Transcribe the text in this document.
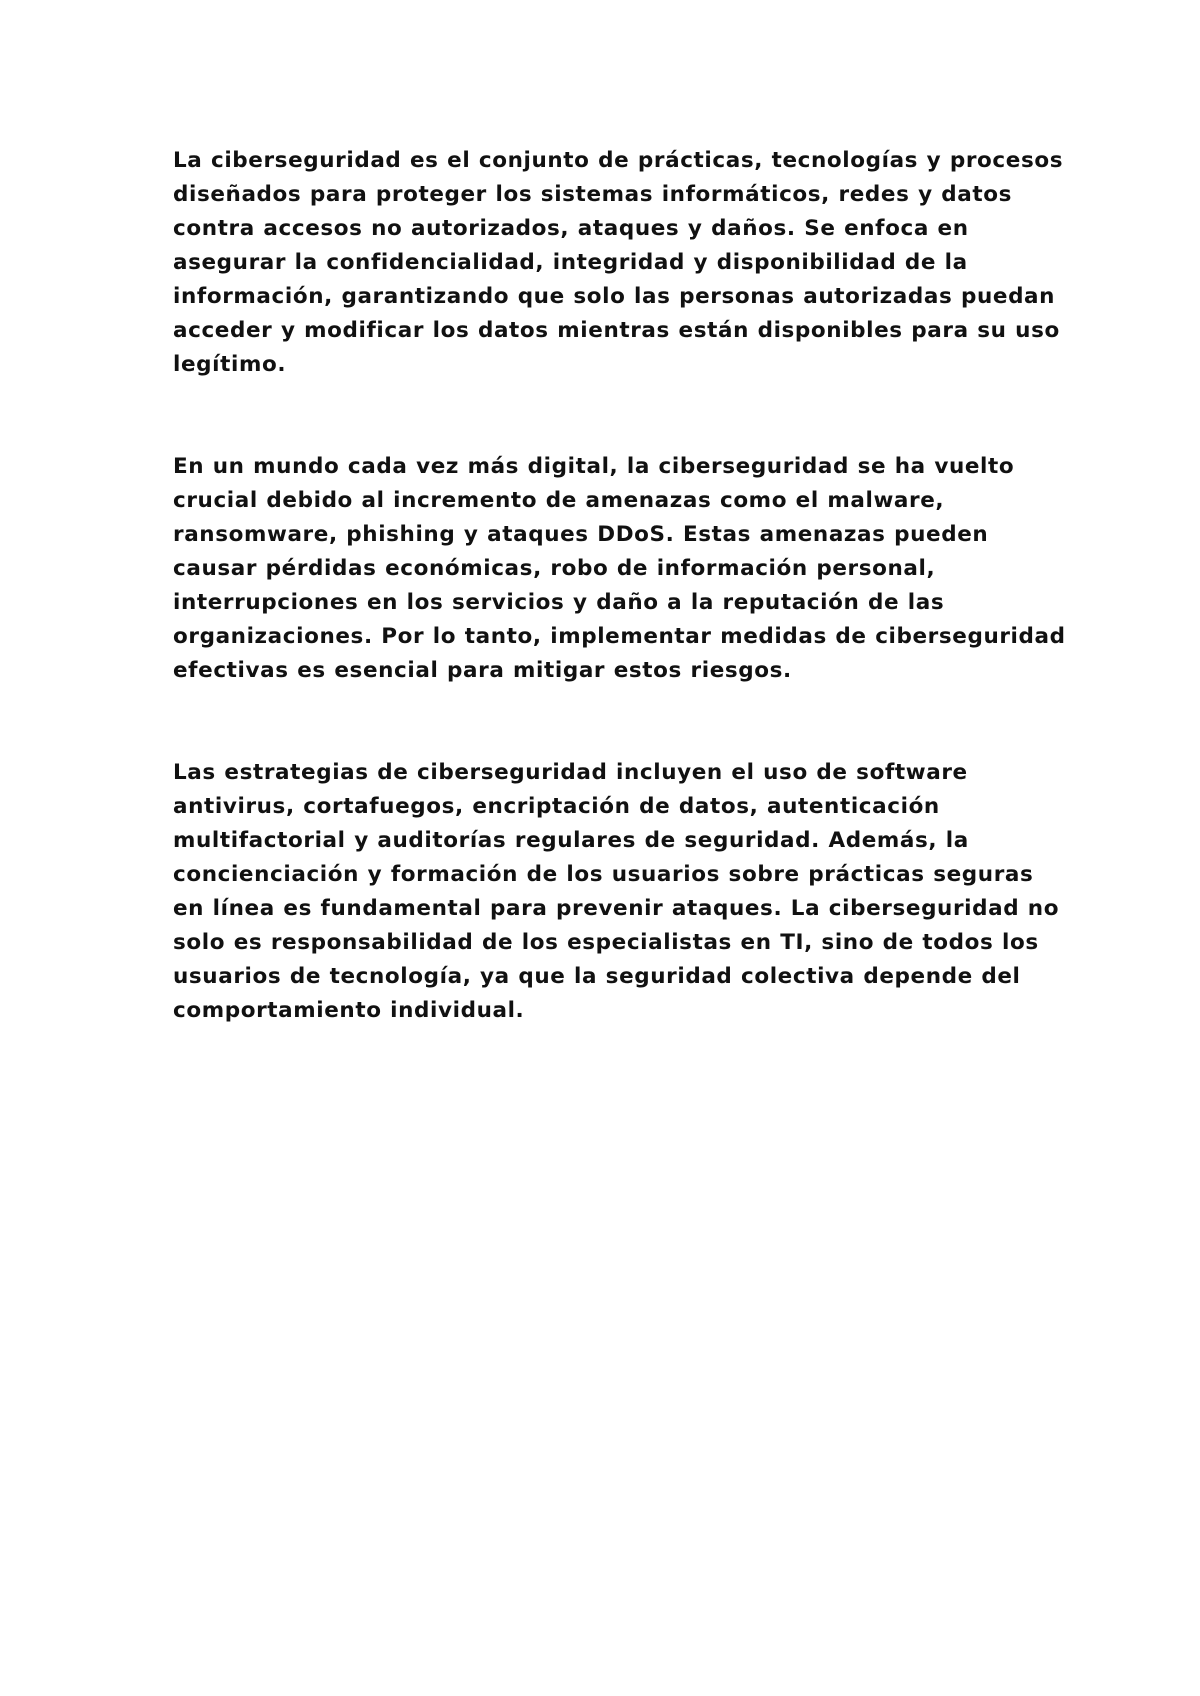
La ciberseguridad es el conjunto de prácticas, tecnologías y procesos
diseñados para proteger los sistemas informáticos, redes y datos
contra accesos no autorizados, ataques y daños. Se enfoca en
asegurar la confidencialidad, integridad y disponibilidad de la
información, garantizando que solo las personas autorizadas puedan
acceder y modificar los datos mientras están disponibles para su uso
legítimo.

En un mundo cada vez más digital, la ciberseguridad se ha vuelto
crucial debido al incremento de amenazas como el malware,
ransomware, phishing y ataques DDoS. Estas amenazas pueden
causar pérdidas económicas, robo de información personal,
interrupciones en los servicios y daño a la reputación de las
organizaciones. Por lo tanto, implementar medidas de ciberseguridad
efectivas es esencial para mitigar estos riesgos.

Las estrategias de ciberseguridad incluyen el uso de software
antivirus, cortafuegos, encriptación de datos, autenticación
multifactorial y auditorías regulares de seguridad. Además, la
concienciación y formación de los usuarios sobre prácticas seguras
en línea es fundamental para prevenir ataques. La ciberseguridad no
solo es responsabilidad de los especialistas en TI, sino de todos los
usuarios de tecnología, ya que la seguridad colectiva depende del
comportamiento individual.
